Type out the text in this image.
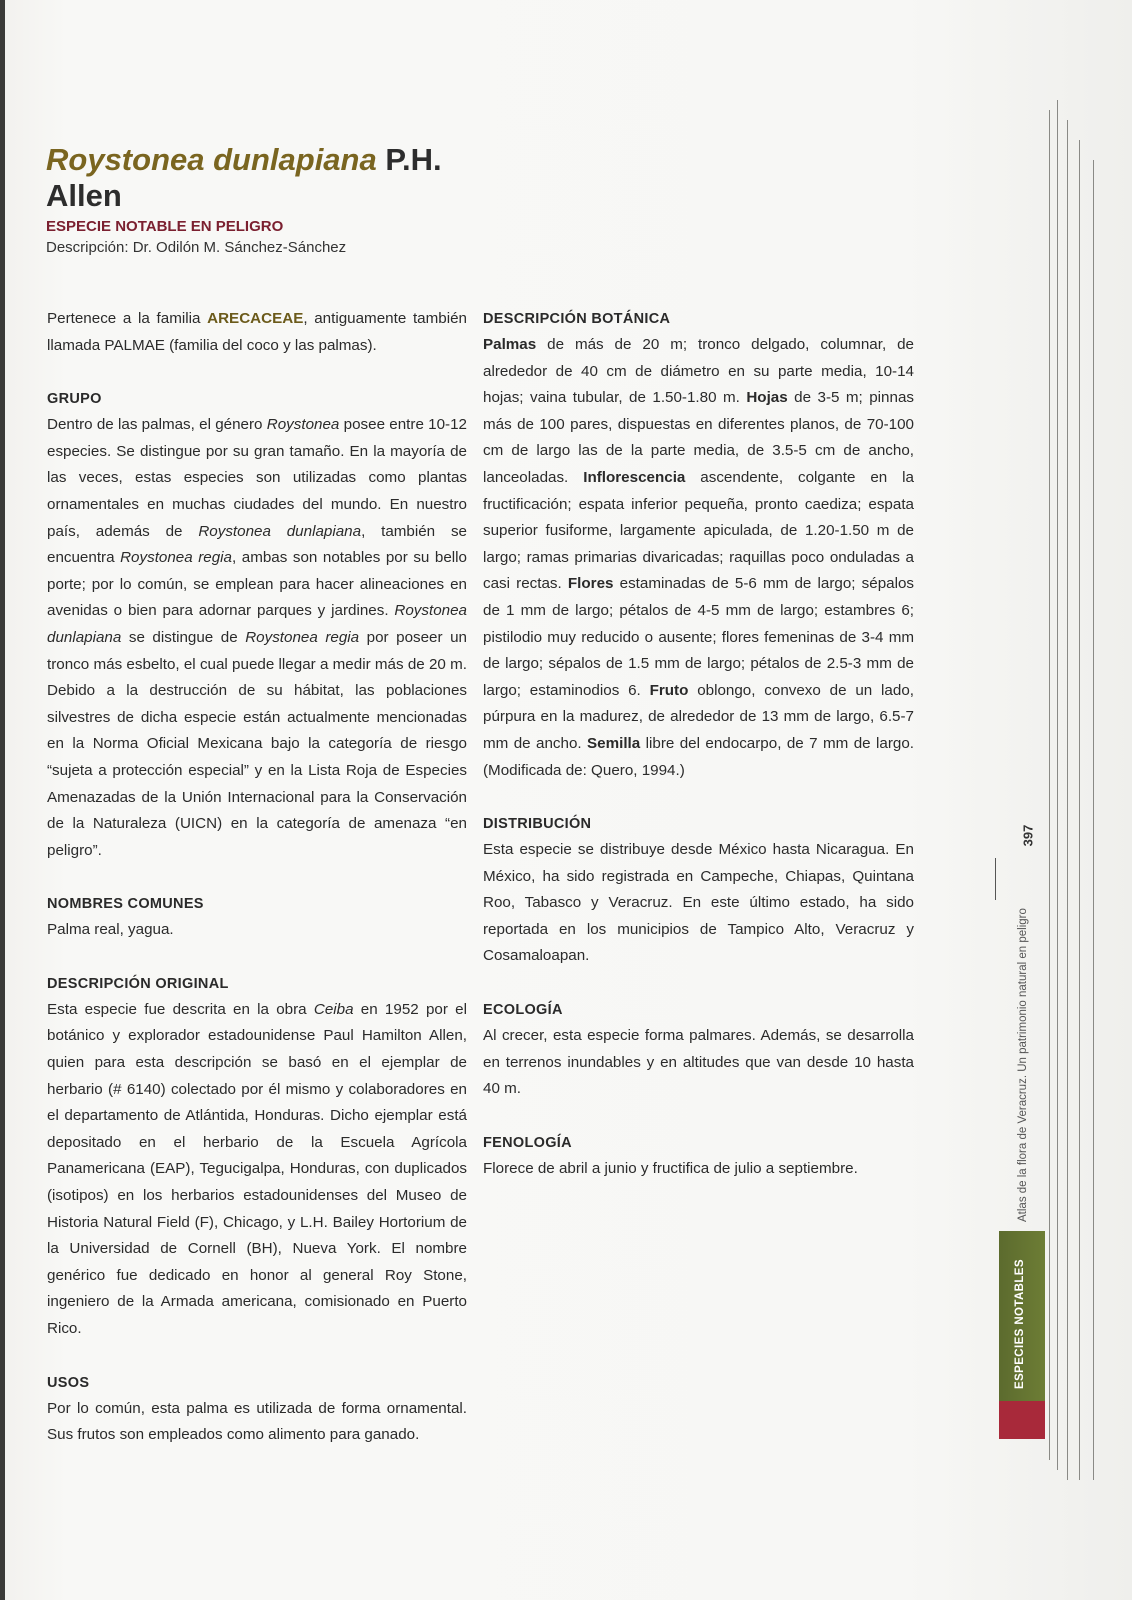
Roystonea dunlapiana P.H. Allen
ESPECIE NOTABLE EN PELIGRO
Descripción: Dr. Odilón M. Sánchez-Sánchez

Pertenece a la familia ARECACEAE, antiguamente también llamada PALMAE (familia del coco y las palmas).

GRUPO

Dentro de las palmas, el género Roystonea posee entre 10-12 especies. Se distingue por su gran tamaño. En la mayoría de las veces, estas especies son utilizadas como plantas ornamentales en muchas ciudades del mundo. En nuestro país, además de Roystonea dunlapiana, también se encuentra Roystonea regia, ambas son notables por su bello porte; por lo común, se emplean para hacer alineaciones en avenidas o bien para adornar parques y jardines. Roystonea dunlapiana se distingue de Roystonea regia por poseer un tronco más esbelto, el cual puede llegar a medir más de 20 m. Debido a la destrucción de su hábitat, las poblaciones silvestres de dicha especie están actualmente mencionadas en la Norma Oficial Mexicana bajo la categoría de riesgo “sujeta a protección especial” y en la Lista Roja de Especies Amenazadas de la Unión Internacional para la Conservación de la Naturaleza (UICN) en la categoría de amenaza “en peligro”.

NOMBRES COMUNES

Palma real, yagua.

DESCRIPCIÓN ORIGINAL

Esta especie fue descrita en la obra Ceiba en 1952 por el botánico y explorador estadounidense Paul Hamilton Allen, quien para esta descripción se basó en el ejemplar de herbario (# 6140) colectado por él mismo y colaboradores en el departamento de Atlántida, Honduras. Dicho ejemplar está depositado en el herbario de la Escuela Agrícola Panamericana (EAP), Tegucigalpa, Honduras, con duplicados (isotipos) en los herbarios estadounidenses del Museo de Historia Natural Field (F), Chicago, y L.H. Bailey Hortorium de la Universidad de Cornell (BH), Nueva York. El nombre genérico fue dedicado en honor al general Roy Stone, ingeniero de la Armada americana, comisionado en Puerto Rico.

USOS

Por lo común, esta palma es utilizada de forma ornamental. Sus frutos son empleados como alimento para ganado.

DESCRIPCIÓN BOTÁNICA

Palmas de más de 20 m; tronco delgado, columnar, de alrededor de 40 cm de diámetro en su parte media, 10-14 hojas; vaina tubular, de 1.50-1.80 m. Hojas de 3-5 m; pinnas más de 100 pares, dispuestas en diferentes planos, de 70-100 cm de largo las de la parte media, de 3.5-5 cm de ancho, lanceoladas. Inflorescencia ascendente, colgante en la fructificación; espata inferior pequeña, pronto caediza; espata superior fusiforme, largamente apiculada, de 1.20-1.50 m de largo; ramas primarias divaricadas; raquillas poco onduladas a casi rectas. Flores estaminadas de 5-6 mm de largo; sépalos de 1 mm de largo; pétalos de 4-5 mm de largo; estambres 6; pistilodio muy reducido o ausente; flores femeninas de 3-4 mm de largo; sépalos de 1.5 mm de largo; pétalos de 2.5-3 mm de largo; estaminodios 6. Fruto oblongo, convexo de un lado, púrpura en la madurez, de alrededor de 13 mm de largo, 6.5-7 mm de ancho. Semilla libre del endocarpo, de 7 mm de largo. (Modificada de: Quero, 1994.)

DISTRIBUCIÓN

Esta especie se distribuye desde México hasta Nicaragua. En México, ha sido registrada en Campeche, Chiapas, Quintana Roo, Tabasco y Veracruz. En este último estado, ha sido reportada en los municipios de Tampico Alto, Veracruz y Cosamaloapan.

ECOLOGÍA

Al crecer, esta especie forma palmares. Además, se desarrolla en terrenos inundables y en altitudes que van desde 10 hasta 40 m.

FENOLOGÍA

Florece de abril a junio y fructifica de julio a septiembre.

397
Atlas de la flora de Veracruz. Un patrimonio natural en peligro
ESPECIES NOTABLES
